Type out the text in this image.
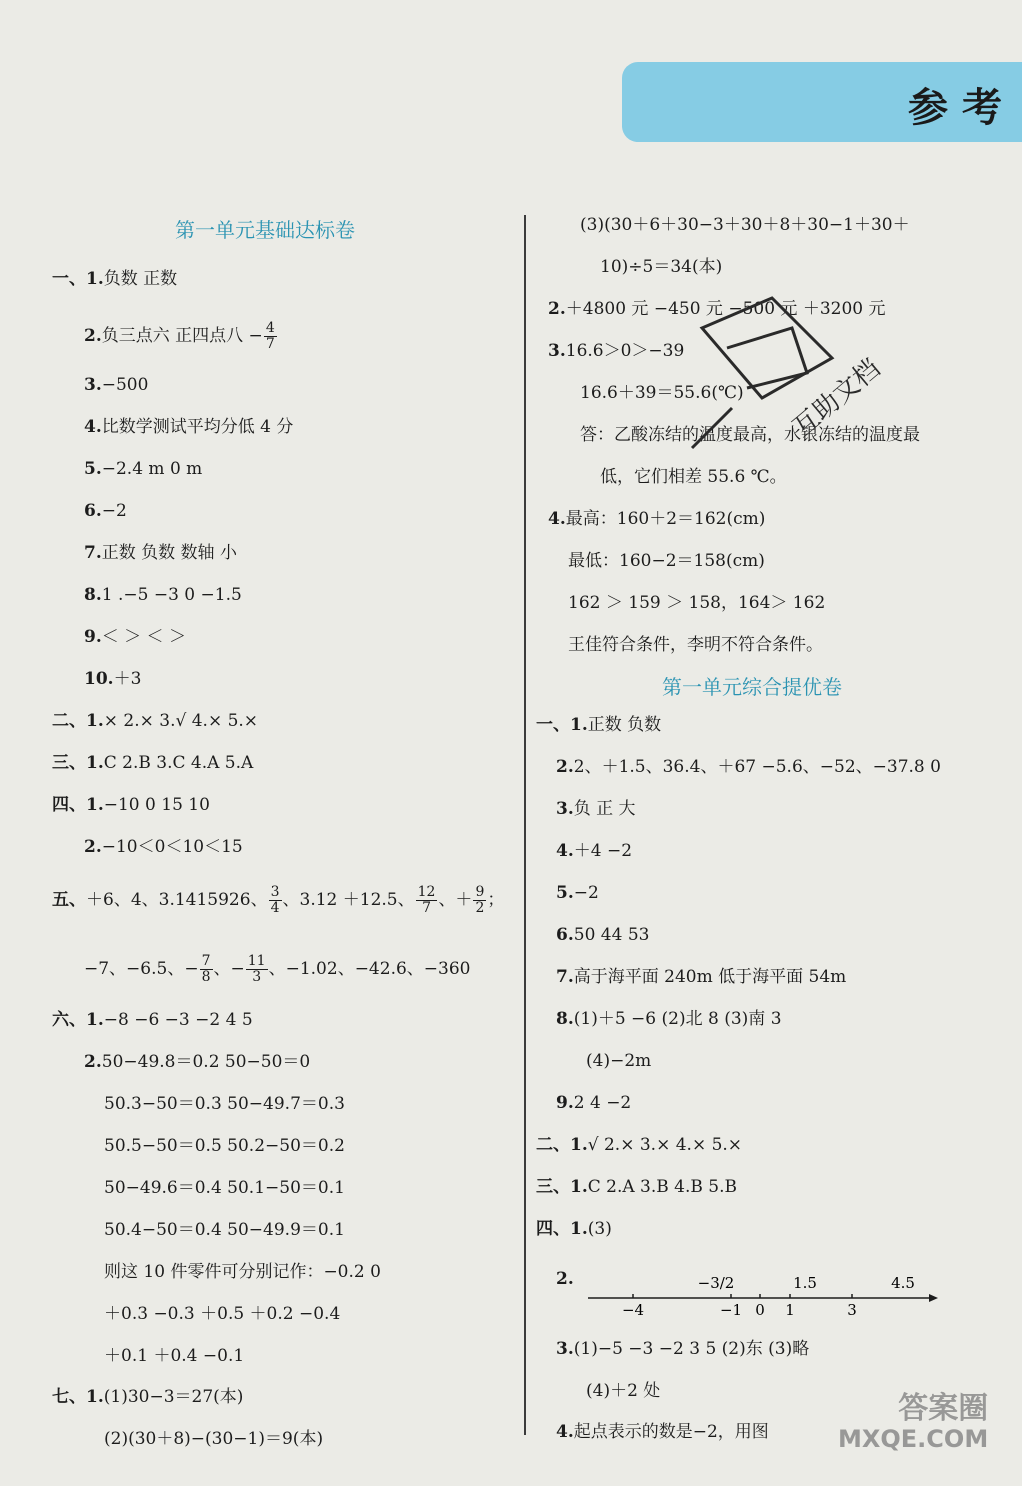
参考
第一单元基础达标卷
一、1.负数 正数
2.负三点六 正四点八 − $\frac{4}{7}$
3.−500
4.比数学测试平均分低 4 分
5.−2.4 m 0 m
6.−2
7.正数 负数 数轴 小
8.1 .−5 −3 0 −1.5
9.＜ ＞ ＜ ＞
10.＋3
二、1.× 2.× 3.√ 4.× 5.×
三、1.C 2.B 3.C 4.A 5.A
四、1.−10 0 15 10
2.−10＜0＜10＜15
五、＋6、4、3.1415926、 $\frac{3}{4}$ 、3.12 ＋12.5、 $\frac{12}{7}$ 、＋ $\frac{9}{2}$ ；
−7、−6.5、− $\frac{7}{8}$ 、− $\frac{11}{3}$ 、−1.02、−42.6、−360
六、1.−8 −6 −3 −2 4 5
2.50−49.8＝0.2 50−50＝0
50.3−50＝0.3 50−49.7＝0.3
50.5−50＝0.5 50.2−50＝0.2
50−49.6＝0.4 50.1−50＝0.1
50.4−50＝0.4 50−49.9＝0.1
则这 10 件零件可分别记作：−0.2 0
＋0.3 −0.3 ＋0.5 ＋0.2 −0.4
＋0.1 ＋0.4 −0.1
七、1.(1)30−3＝27(本)
(2)(30＋8)−(30−1)＝9(本)
(3)(30＋6＋30−3＋30＋8＋30−1＋30＋
10)÷5＝34(本)
2.＋4800 元 −450 元 −500 元 ＋3200 元
3.16.6＞0＞−39
16.6＋39＝55.6(℃)
答：乙酸冻结的温度最高，水银冻结的温度最
低，它们相差 55.6 ℃。
4.最高：160＋2＝162(cm)
最低：160−2＝158(cm)
162 ＞ 159 ＞ 158，164＞ 162
王佳符合条件，李明不符合条件。
第一单元综合提优卷
一、1.正数 负数
2.2、＋1.5、36.4、＋67 −5.6、−52、−37.8 0
3.负 正 大
4.＋4 −2
5.−2
6.50 44 53
7.高于海平面 240m 低于海平面 54m
8.(1)＋5 −6 (2)北 8 (3)南 3
(4)−2m
9.2 4 −2
二、1.√ 2.× 3.× 4.× 5.×
三、1.C 2.A 3.B 4.B 5.B
四、1.(3)
2.
3.(1)−5 −3 −2 3 5 (2)东 (3)略
(4)＋2 处
4.起点表示的数是−2，用图
−4	−1 0 1	3
−3/2	1.5	4.5
互助文档
答案圈
MXQE.COM
